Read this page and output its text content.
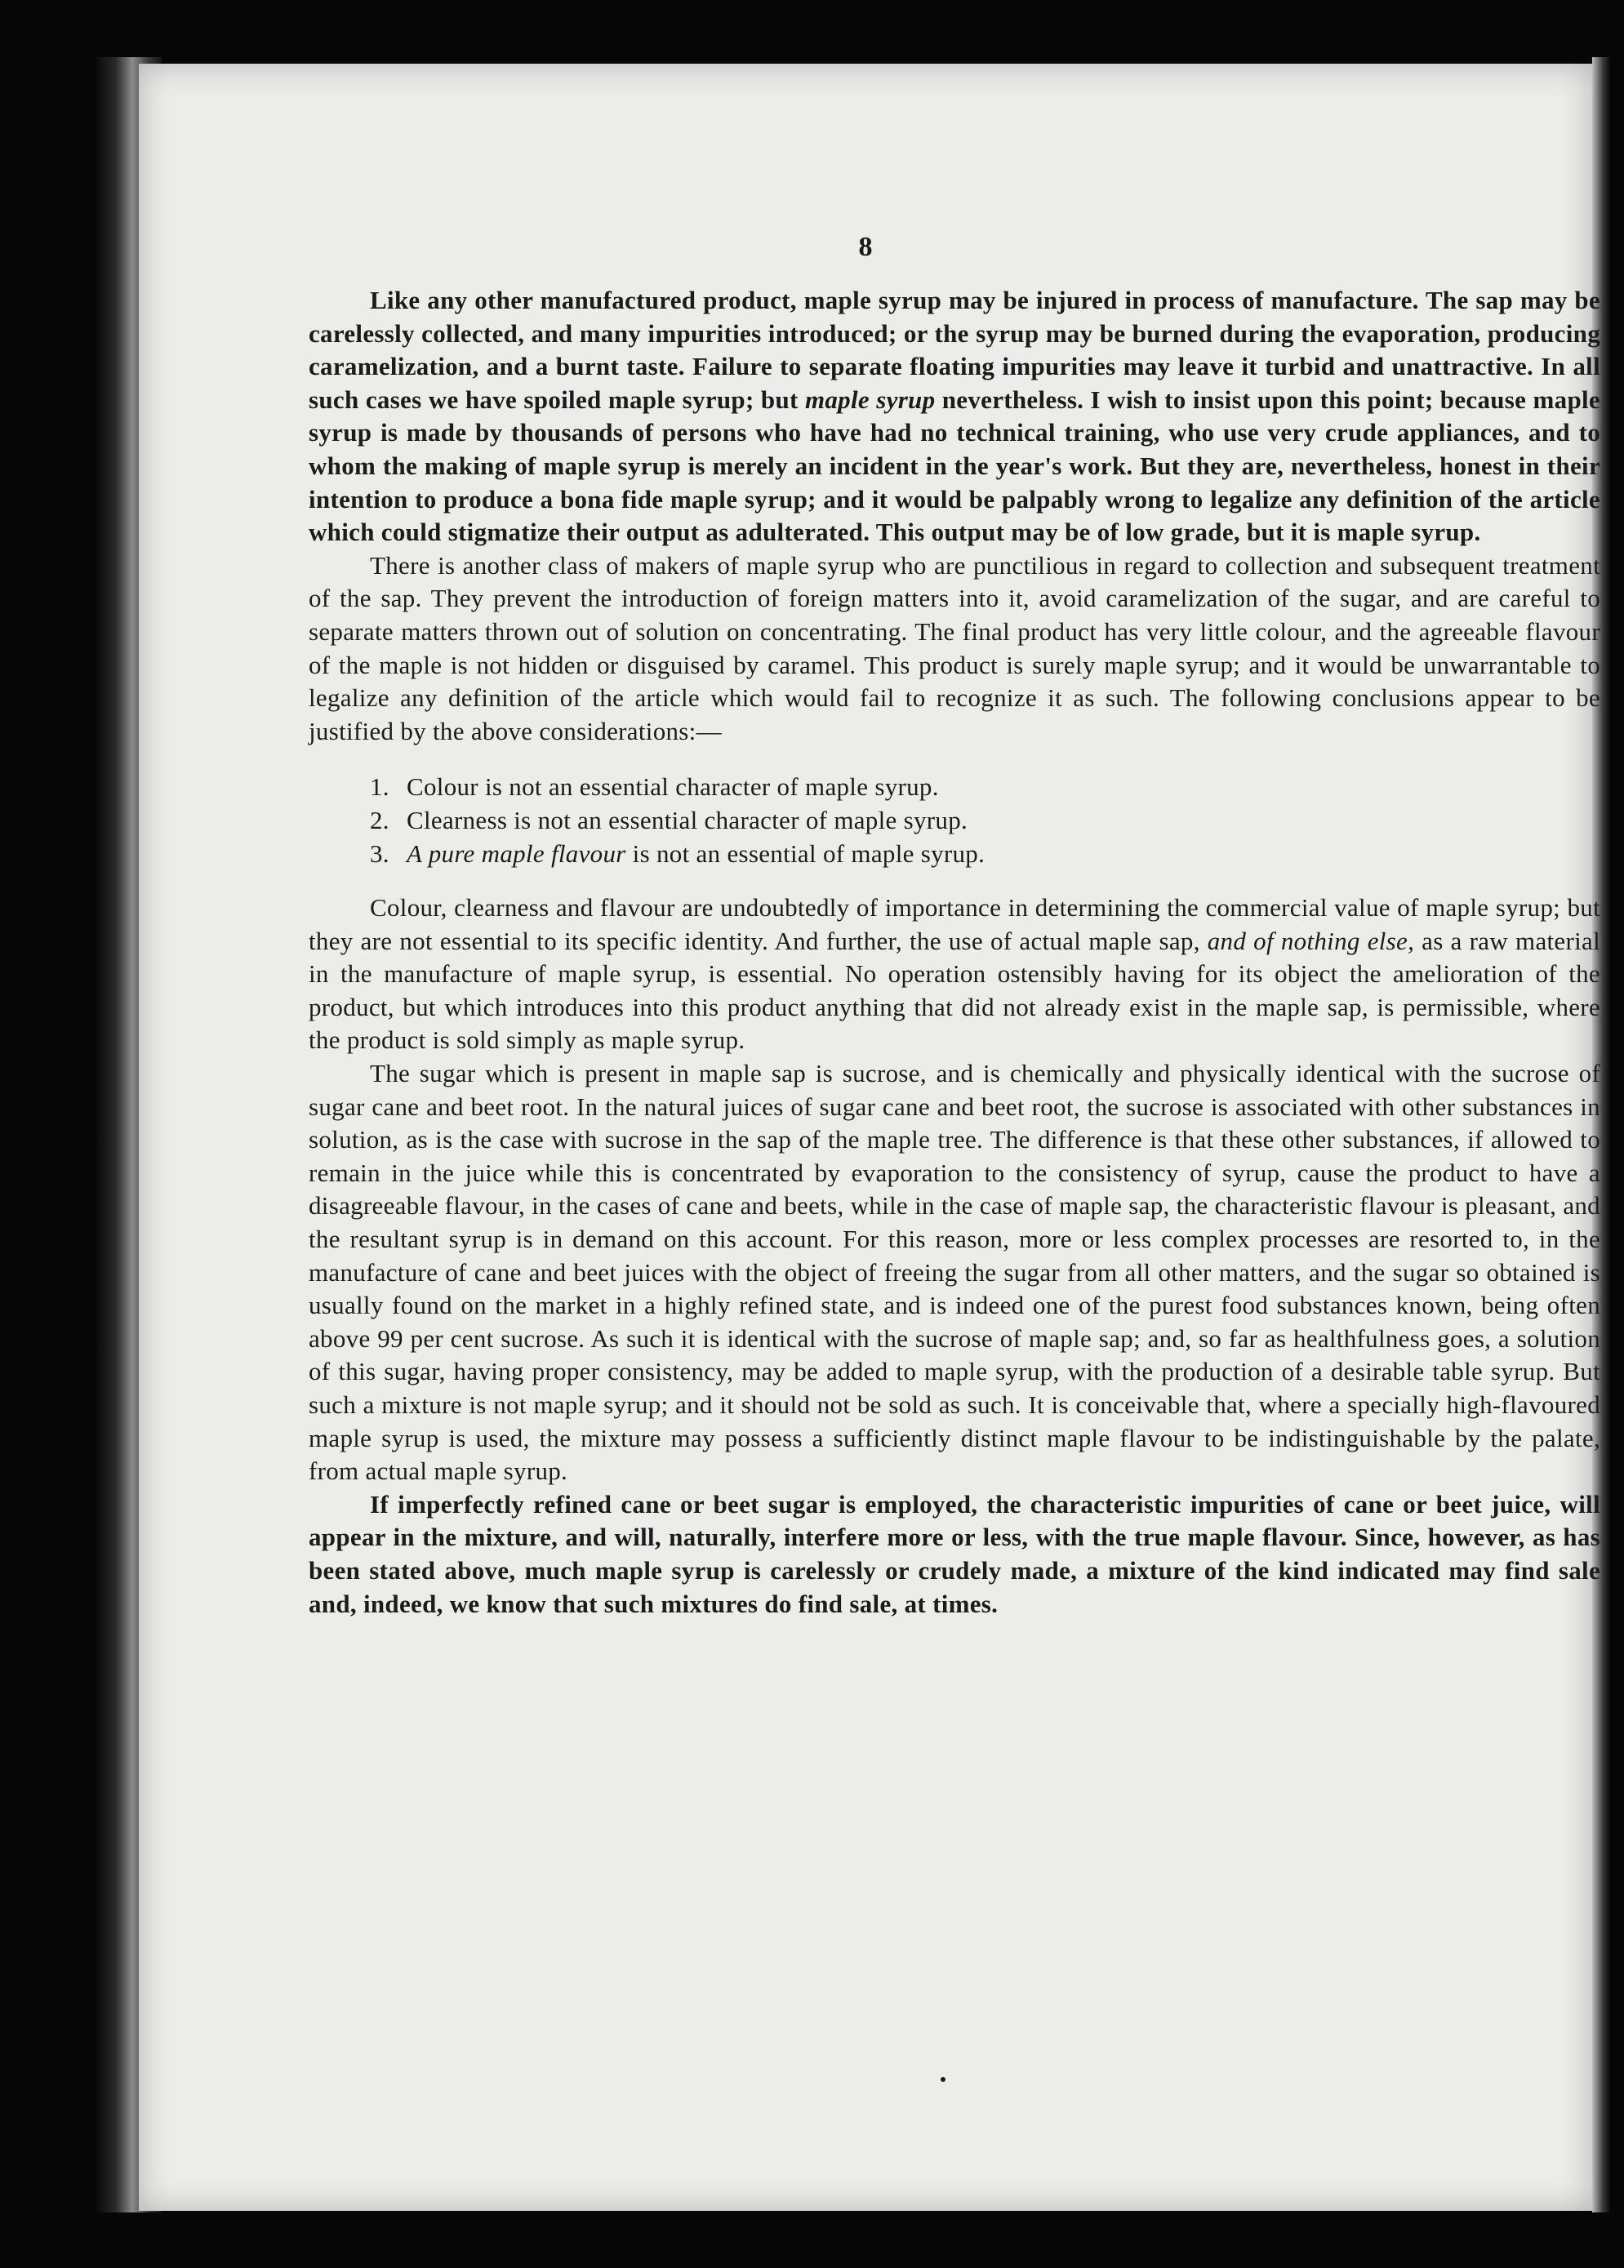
8

Like any other manufactured product, maple syrup may be injured in process of manufacture. The sap may be carelessly collected, and many impurities introduced; or the syrup may be burned during the evaporation, producing caramelization, and a burnt taste. Failure to separate floating impurities may leave it turbid and unattractive. In all such cases we have spoiled maple syrup; but maple syrup nevertheless. I wish to insist upon this point; because maple syrup is made by thousands of persons who have had no technical training, who use very crude appliances, and to whom the making of maple syrup is merely an incident in the year's work. But they are, nevertheless, honest in their intention to produce a bona fide maple syrup; and it would be palpably wrong to legalize any definition of the article which could stigmatize their output as adulterated. This output may be of low grade, but it is maple syrup.

There is another class of makers of maple syrup who are punctilious in regard to collection and subsequent treatment of the sap. They prevent the introduction of foreign matters into it, avoid caramelization of the sugar, and are careful to separate matters thrown out of solution on concentrating. The final product has very little colour, and the agreeable flavour of the maple is not hidden or disguised by caramel. This product is surely maple syrup; and it would be unwarrantable to legalize any definition of the article which would fail to recognize it as such. The following conclusions appear to be justified by the above considerations:—

1. Colour is not an essential character of maple syrup.
2. Clearness is not an essential character of maple syrup.
3. A pure maple flavour is not an essential of maple syrup.

Colour, clearness and flavour are undoubtedly of importance in determining the commercial value of maple syrup; but they are not essential to its specific identity. And further, the use of actual maple sap, and of nothing else, as a raw material in the manufacture of maple syrup, is essential. No operation ostensibly having for its object the amelioration of the product, but which introduces into this product anything that did not already exist in the maple sap, is permissible, where the product is sold simply as maple syrup.

The sugar which is present in maple sap is sucrose, and is chemically and physically identical with the sucrose of sugar cane and beet root. In the natural juices of sugar cane and beet root, the sucrose is associated with other substances in solution, as is the case with sucrose in the sap of the maple tree. The difference is that these other substances, if allowed to remain in the juice while this is concentrated by evaporation to the consistency of syrup, cause the product to have a disagreeable flavour, in the cases of cane and beets, while in the case of maple sap, the characteristic flavour is pleasant, and the resultant syrup is in demand on this account. For this reason, more or less complex processes are resorted to, in the manufacture of cane and beet juices with the object of freeing the sugar from all other matters, and the sugar so obtained is usually found on the market in a highly refined state, and is indeed one of the purest food substances known, being often above 99 per cent sucrose. As such it is identical with the sucrose of maple sap; and, so far as healthfulness goes, a solution of this sugar, having proper consistency, may be added to maple syrup, with the production of a desirable table syrup. But such a mixture is not maple syrup; and it should not be sold as such. It is conceivable that, where a specially high-flavoured maple syrup is used, the mixture may possess a sufficiently distinct maple flavour to be indistinguishable by the palate, from actual maple syrup.

If imperfectly refined cane or beet sugar is employed, the characteristic impurities of cane or beet juice, will appear in the mixture, and will, naturally, interfere more or less, with the true maple flavour. Since, however, as has been stated above, much maple syrup is carelessly or crudely made, a mixture of the kind indicated may find sale and, indeed, we know that such mixtures do find sale, at times.
